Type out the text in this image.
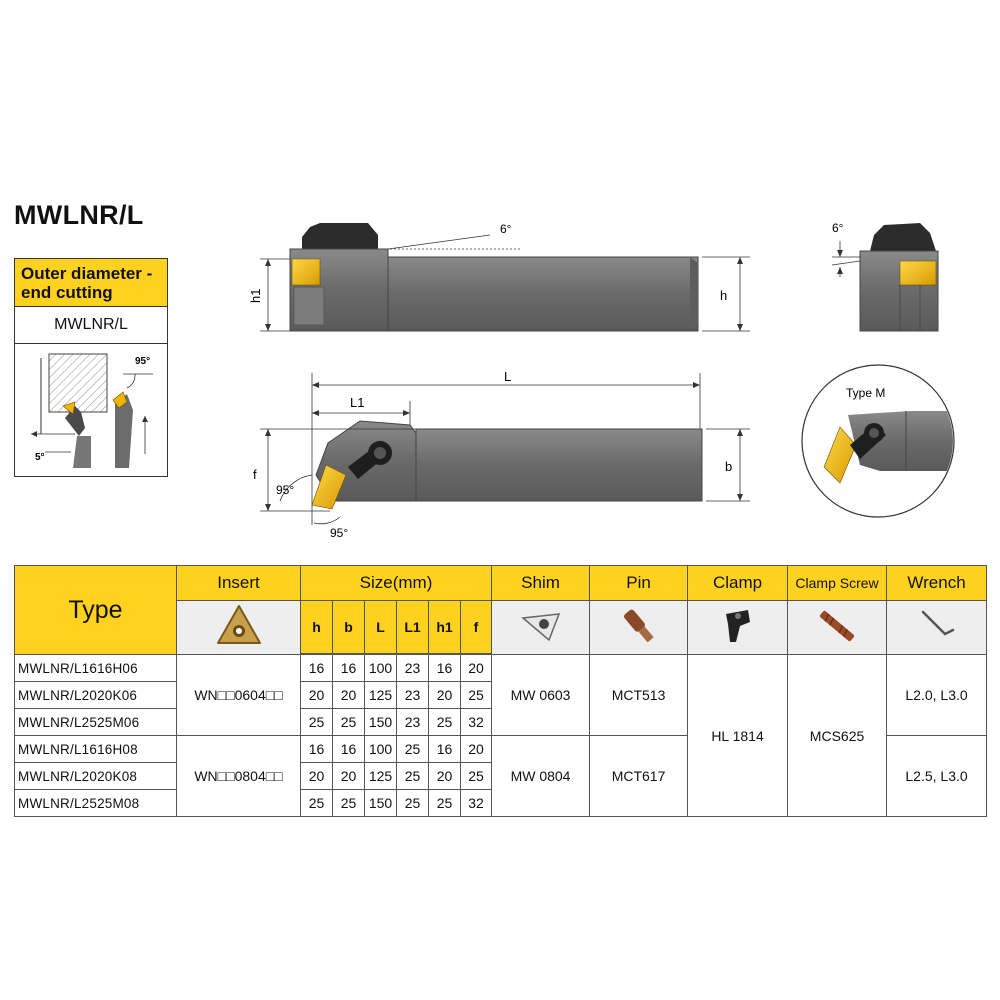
MWLNR/L
Outer diameter - end cutting
MWLNR/L
95°
5°
6°
h1	h
6°
L
L1
f
b
95°
95°
Type M
Type	Insert	Size(mm)						Shim	Pin	Clamp	Clamp Screw	Wrench
	h	b	L	L1	h1	f					

MWLNR/L1616H06	WN□□0604□□	16	16	100	23	16	20	MW 0603	MCT513	HL 1814	MCS625	L2.0, L3.0
MWLNR/L2020K06		20	20	125	23	20	25					
MWLNR/L2525M06		25	25	150	23	25	32					
MWLNR/L1616H08	WN□□0804□□	16	16	100	25	16	20	MW 0804	MCT617			L2.5, L3.0
MWLNR/L2020K08		20	20	125	25	20	25					
MWLNR/L2525M08		25	25	150	25	25	32					
